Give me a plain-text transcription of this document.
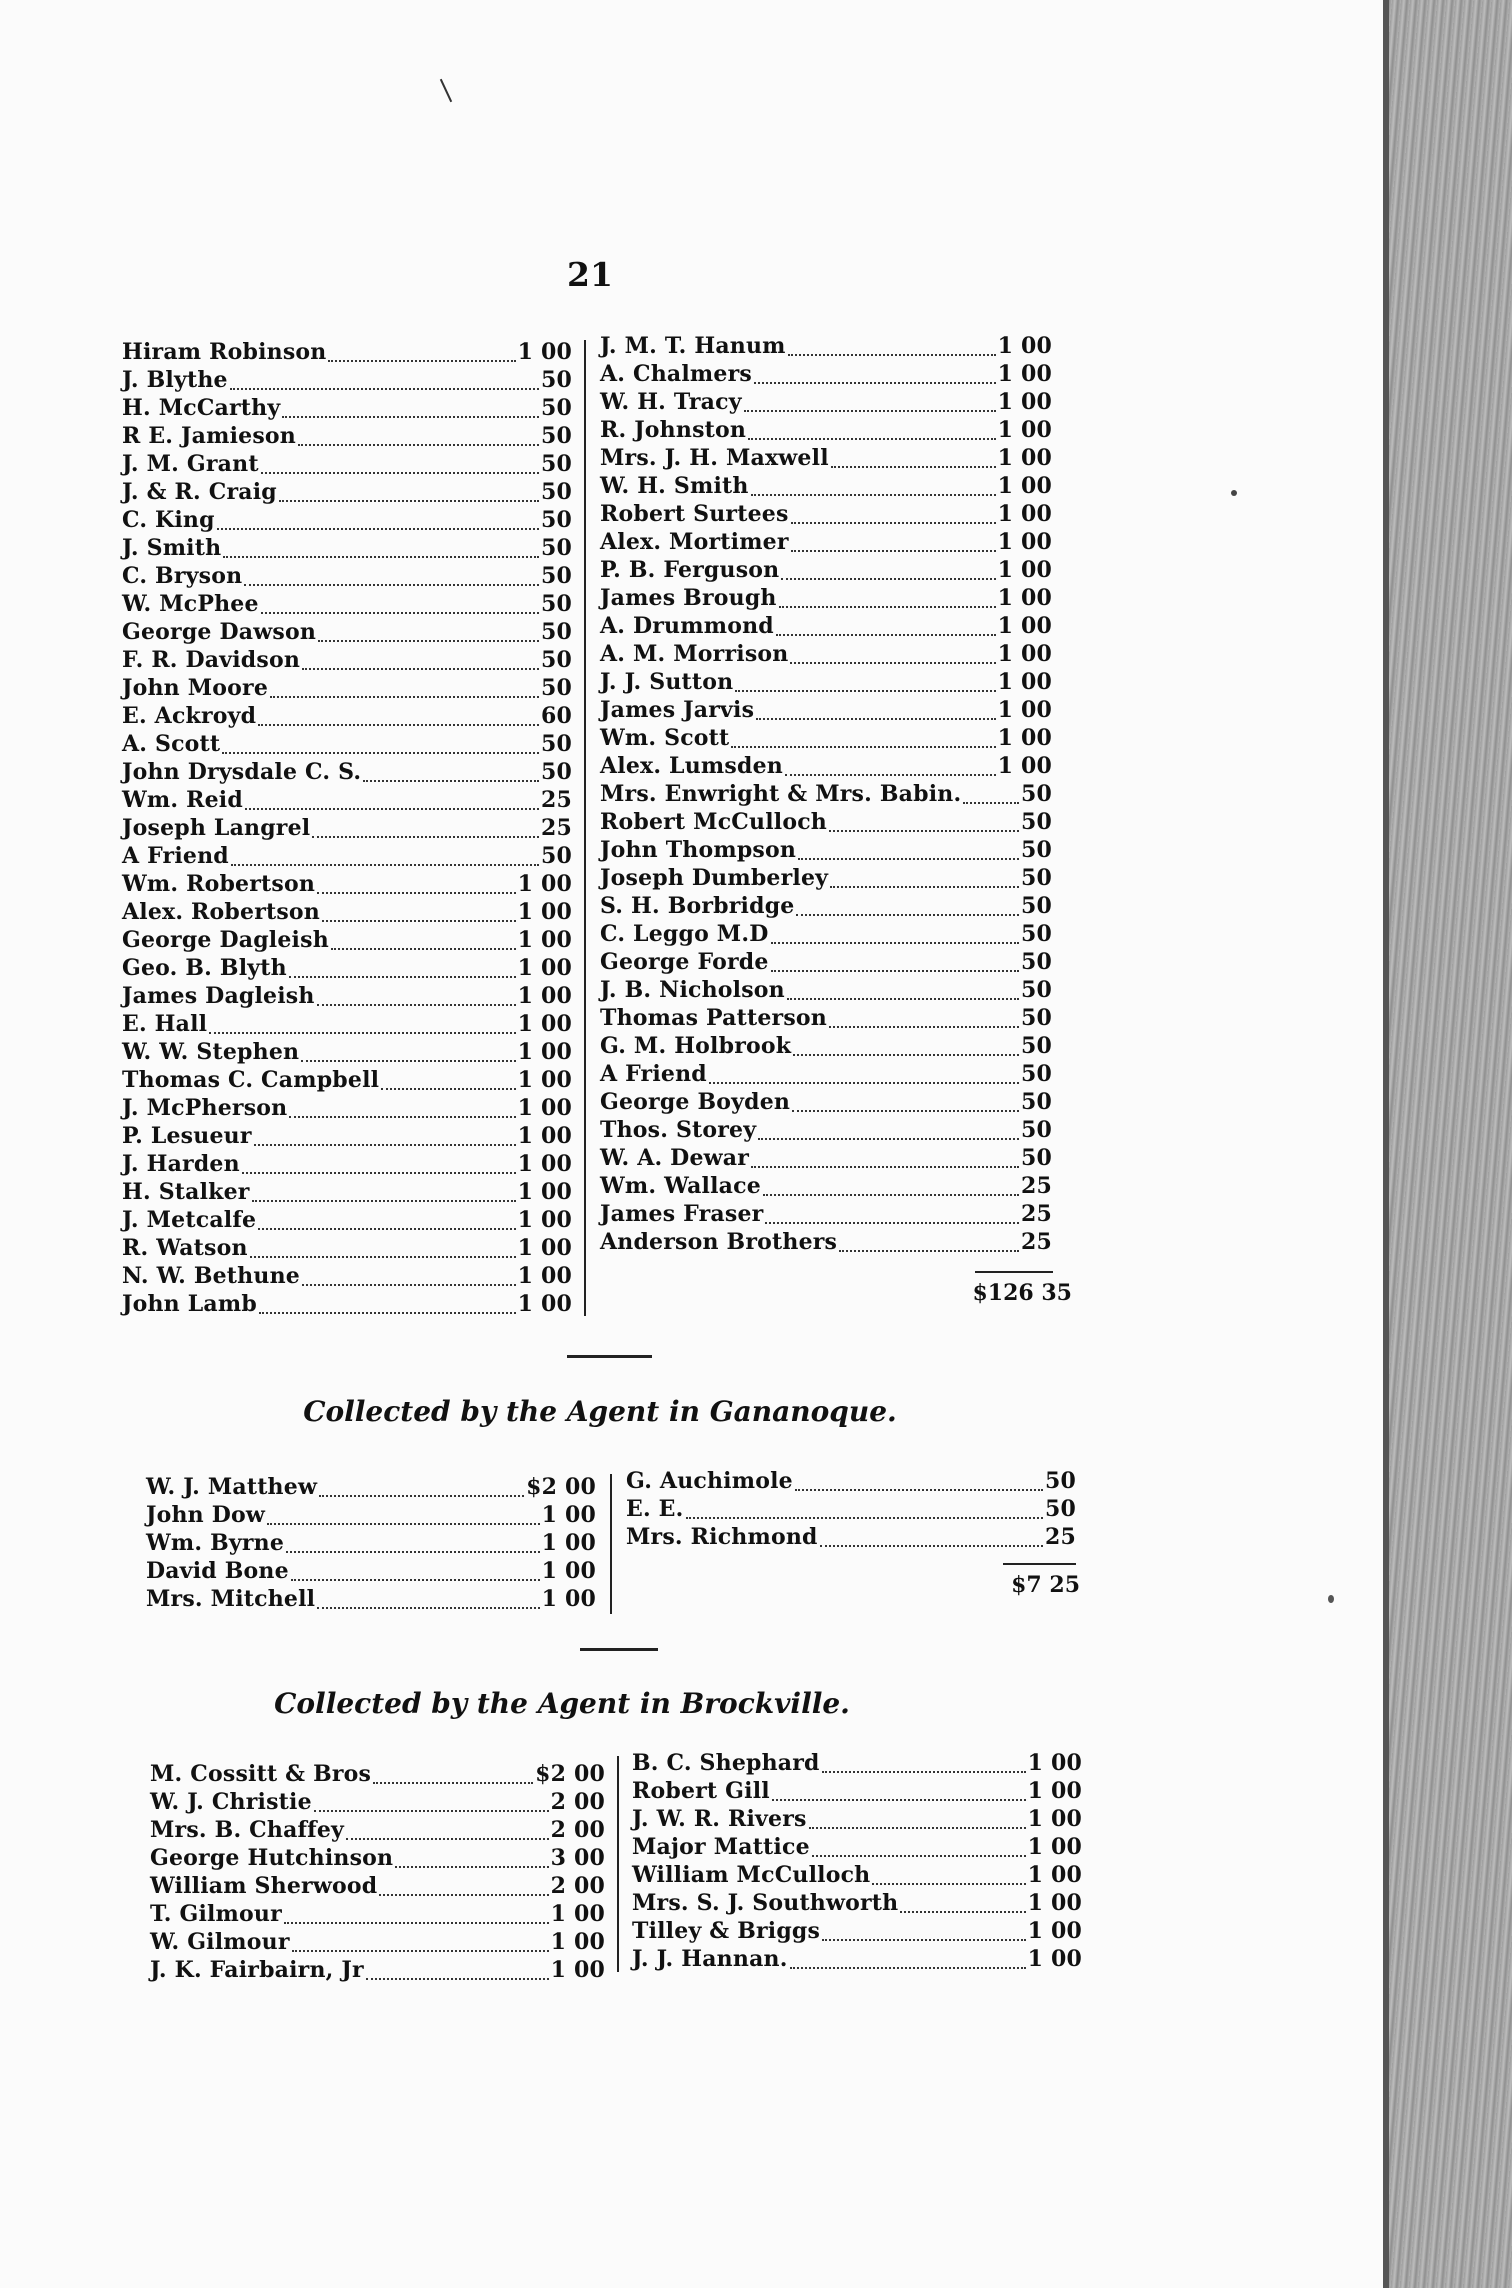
21
Hiram Robinson	1 00
J. Blythe	50
H. McCarthy	50
R E. Jamieson	50
J. M. Grant	50
J. & R. Craig	50
C. King	50
J. Smith	50
C. Bryson	50
W. McPhee	50
George Dawson	50
F. R. Davidson	50
John Moore	50
E. Ackroyd	60
A. Scott	50
John Drysdale C. S.	50
Wm. Reid	25
Joseph Langrel	25
A Friend	50
Wm. Robertson	1 00
Alex. Robertson	1 00
George Dagleish	1 00
Geo. B. Blyth	1 00
James Dagleish	1 00
E. Hall	1 00
W. W. Stephen	1 00
Thomas C. Campbell	1 00
J. McPherson	1 00
P. Lesueur	1 00
J. Harden	1 00
H. Stalker	1 00
J. Metcalfe	1 00
R. Watson	1 00
N. W. Bethune	1 00
John Lamb	1 00
J. M. T. Hanum	1 00
A. Chalmers	1 00
W. H. Tracy	1 00
R. Johnston	1 00
Mrs. J. H. Maxwell	1 00
W. H. Smith	1 00
Robert Surtees	1 00
Alex. Mortimer	1 00
P. B. Ferguson	1 00
James Brough	1 00
A. Drummond	1 00
A. M. Morrison	1 00
J. J. Sutton	1 00
James Jarvis	1 00
Wm. Scott	1 00
Alex. Lumsden	1 00
Mrs. Enwright & Mrs. Babin.	50
Robert McCulloch	50
John Thompson	50
Joseph Dumberley	50
S. H. Borbridge	50
C. Leggo M.D	50
George Forde	50
J. B. Nicholson	50
Thomas Patterson	50
G. M. Holbrook	50
A Friend	50
George Boyden	50
Thos. Storey	50
W. A. Dewar	50
Wm. Wallace	25
James Fraser	25
Anderson Brothers	25
$126 35
Collected by the Agent in Gananoque.
W. J. Matthew	$2 00
John Dow	1 00
Wm. Byrne	1 00
David Bone	1 00
Mrs. Mitchell	1 00
G. Auchimole	50
E. E.	50
Mrs. Richmond	25
$7 25
Collected by the Agent in Brockville.
M. Cossitt & Bros	$2 00
W. J. Christie	2 00
Mrs. B. Chaffey	2 00
George Hutchinson	3 00
William Sherwood	2 00
T. Gilmour	1 00
W. Gilmour	1 00
J. K. Fairbairn, Jr	1 00
B. C. Shephard	1 00
Robert Gill	1 00
J. W. R. Rivers	1 00
Major Mattice	1 00
William McCulloch	1 00
Mrs. S. J. Southworth	1 00
Tilley & Briggs	1 00
J. J. Hannan.	1 00
